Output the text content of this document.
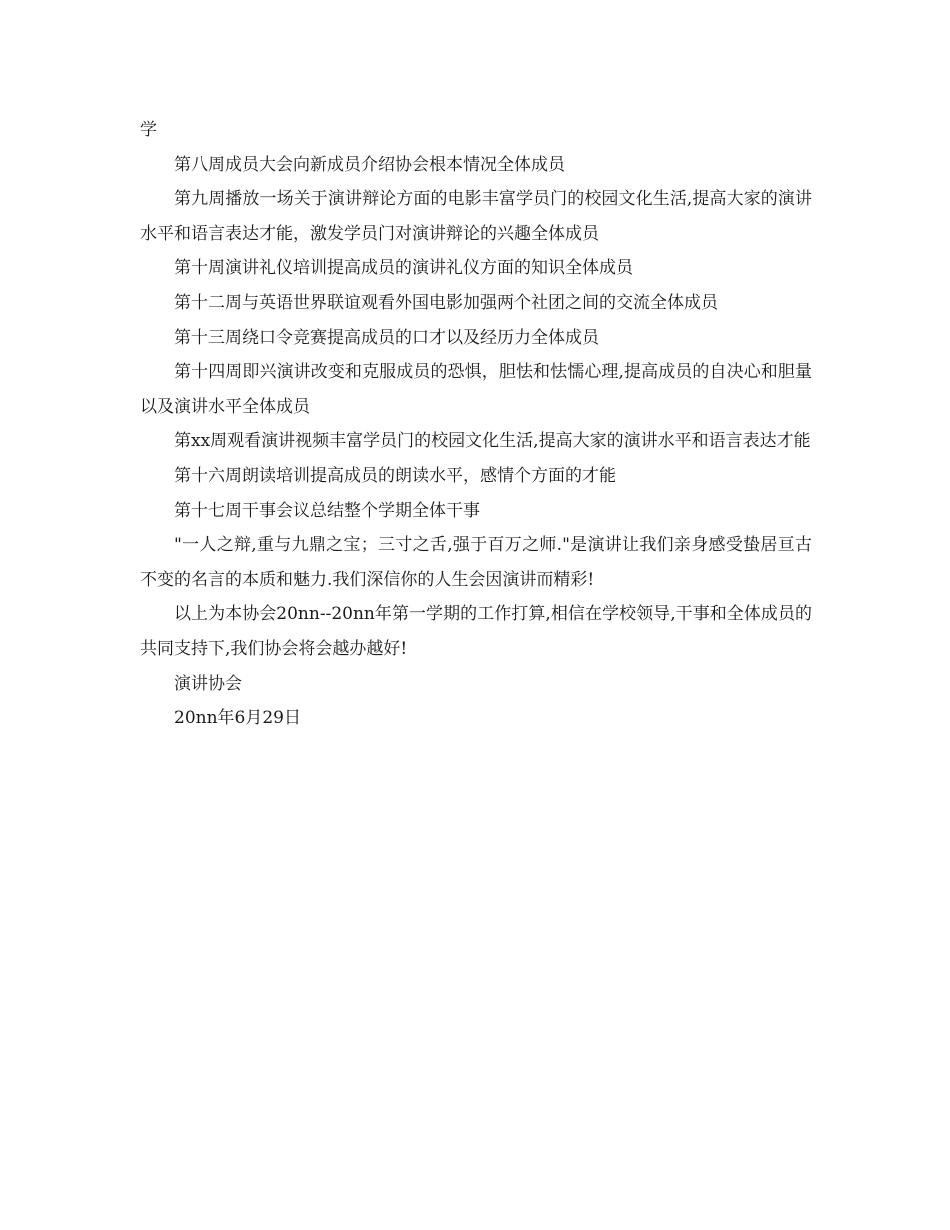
学

第八周成员大会向新成员介绍协会根本情况全体成员

第九周播放一场关于演讲辩论方面的电影丰富学员门的校园文化生活,提高大家的演讲水平和语言表达才能，激发学员门对演讲辩论的兴趣全体成员

第十周演讲礼仪培训提高成员的演讲礼仪方面的知识全体成员

第十二周与英语世界联谊观看外国电影加强两个社团之间的交流全体成员

第十三周绕口令竞赛提高成员的口才以及经历力全体成员

第十四周即兴演讲改变和克服成员的恐惧，胆怯和怯懦心理,提高成员的自决心和胆量以及演讲水平全体成员

第xx周观看演讲视频丰富学员门的校园文化生活,提高大家的演讲水平和语言表达才能

第十六周朗读培训提高成员的朗读水平，感情个方面的才能

第十七周干事会议总结整个学期全体干事

"一人之辩,重与九鼎之宝；三寸之舌,强于百万之师."是演讲让我们亲身感受蛰居亘古不变的名言的本质和魅力.我们深信你的人生会因演讲而精彩!

以上为本协会20nn--20nn年第一学期的工作打算,相信在学校领导,干事和全体成员的共同支持下,我们协会将会越办越好!

演讲协会

20nn年6月29日
